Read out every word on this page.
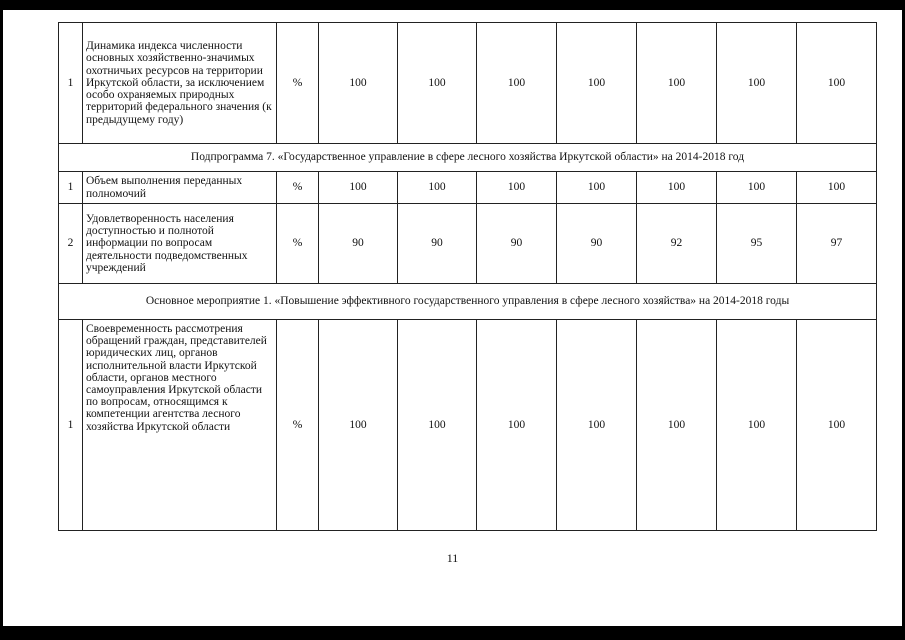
1	Динамика индекса численности основных хозяйственно-значимых охотничьих ресурсов на территории Иркутской области, за исключением особо охраняемых природных территорий федерального значения (к предыдущему году)	%	100	100	100	100	100	100	100
Подпрограмма 7. «Государственное управление в сфере лесного хозяйства Иркутской области» на 2014-2018 год									
1	Объем выполнения переданных полномочий	%	100	100	100	100	100	100	100
2	Удовлетворенность населения доступностью и полнотой информации по вопросам деятельности подведомственных учреждений	%	90	90	90	90	92	95	97
Основное мероприятие 1. «Повышение эффективного государственного управления в сфере лесного хозяйства» на 2014-2018 годы									
1	Своевременность рассмотрения обращений граждан, представителей юридических лиц, органов исполнительной власти Иркутской области, органов местного самоуправления Иркутской области по вопросам, относящимся к компетенции агентства лесного хозяйства Иркутской области	%	100	100	100	100	100	100	100
11
